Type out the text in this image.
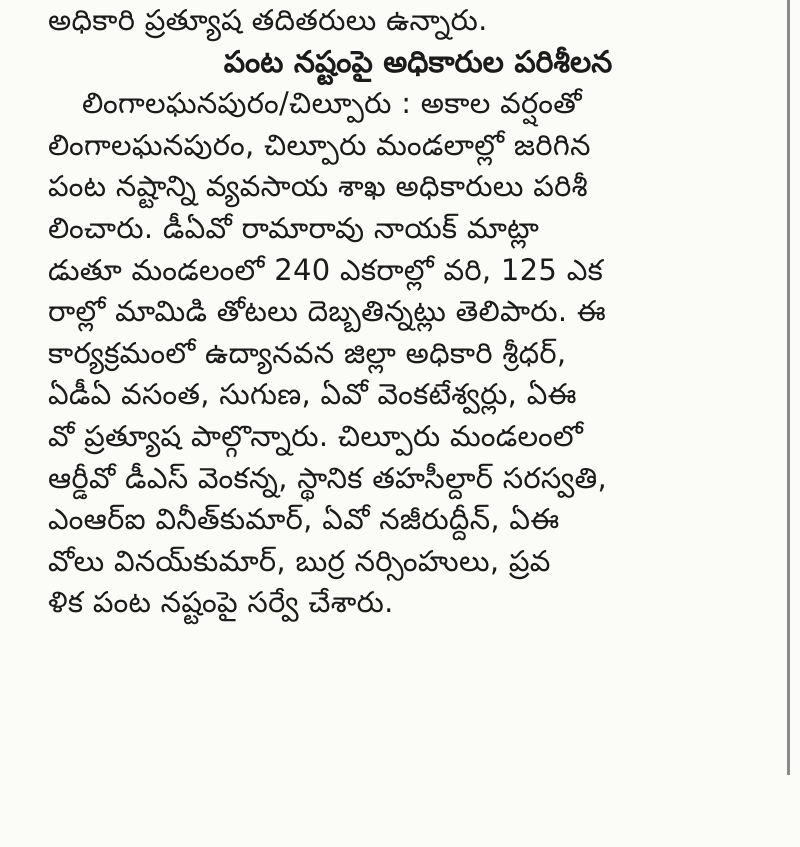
అధికారి ప్రత్యూష తదితరులు ఉన్నారు.
పంట నష్టంపై అధికారుల పరిశీలన
లింగాలఘనపురం/చిల్పూరు : అకాల వర్షంతో
లింగాలఘనపురం, చిల్పూరు మండలాల్లో జరిగిన
పంట నష్టాన్ని వ్యవసాయ శాఖ అధికారులు పరిశీ
లించారు. డీఏవో రామారావు నాయక్ మాట్లా
డుతూ మండలంలో 240 ఎకరాల్లో వరి, 125 ఎక
రాల్లో మామిడి తోటలు దెబ్బతిన్నట్లు తెలిపారు. ఈ
కార్యక్రమంలో ఉద్యానవన జిల్లా అధికారి శ్రీధర్,
ఏడీఏ వసంత, సుగుణ, ఏవో వెంకటేశ్వర్లు, ఏఈ
వో ప్రత్యూష పాల్గొన్నారు. చిల్పూరు మండలంలో
ఆర్డీవో డీఎస్ వెంకన్న, స్థానిక తహసీల్దార్ సరస్వతి,
ఎంఆర్ఐ వినీత్‌కుమార్, ఏవో నజీరుద్దీన్, ఏఈ
వోలు వినయ్‌కుమార్, బుర్ర నర్సింహులు, ప్రవ
ళిక పంట నష్టంపై సర్వే చేశారు.
